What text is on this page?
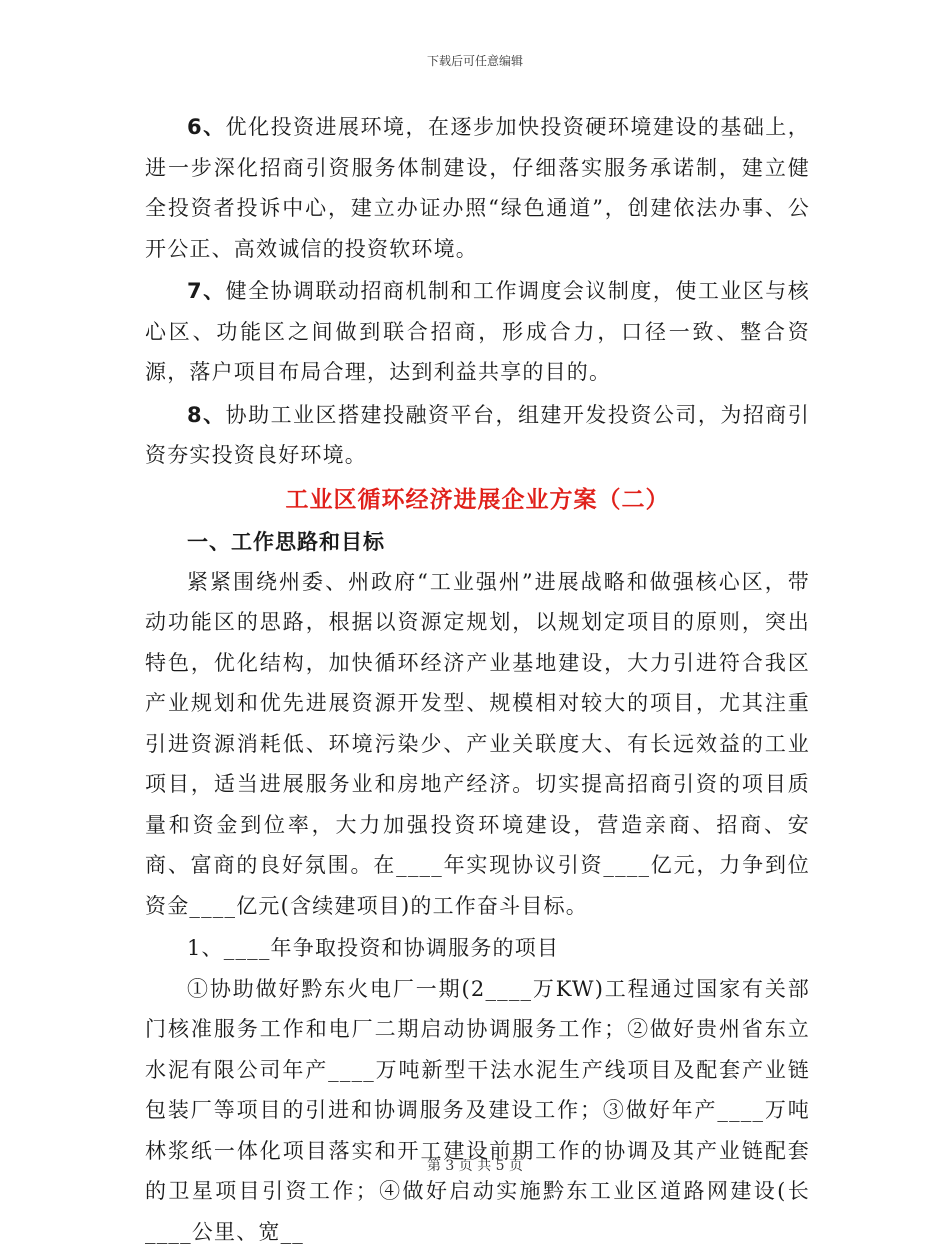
下载后可任意编辑

6、优化投资进展环境，在逐步加快投资硬环境建设的基础上，进一步深化招商引资服务体制建设，仔细落实服务承诺制，建立健全投资者投诉中心，建立办证办照“绿色通道”，创建依法办事、公开公正、高效诚信的投资软环境。

7、健全协调联动招商机制和工作调度会议制度，使工业区与核心区、功能区之间做到联合招商，形成合力，口径一致、整合资源，落户项目布局合理，达到利益共享的目的。

8、协助工业区搭建投融资平台，组建开发投资公司，为招商引资夯实投资良好环境。

工业区循环经济进展企业方案（二）
一、工作思路和目标

紧紧围绕州委、州政府“工业强州”进展战略和做强核心区，带动功能区的思路，根据以资源定规划，以规划定项目的原则，突出特色，优化结构，加快循环经济产业基地建设，大力引进符合我区产业规划和优先进展资源开发型、规模相对较大的项目，尤其注重引进资源消耗低、环境污染少、产业关联度大、有长远效益的工业项目，适当进展服务业和房地产经济。切实提高招商引资的项目质量和资金到位率，大力加强投资环境建设，营造亲商、招商、安商、富商的良好氛围。在____年实现协议引资____亿元，力争到位资金____亿元(含续建项目)的工作奋斗目标。

1、____年争取投资和协调服务的项目

①协助做好黔东火电厂一期(2____万KW)工程通过国家有关部门核准服务工作和电厂二期启动协调服务工作；②做好贵州省东立水泥有限公司年产____万吨新型干法水泥生产线项目及配套产业链包装厂等项目的引进和协调服务及建设工作；③做好年产____万吨林浆纸一体化项目落实和开工建设前期工作的协调及其产业链配套的卫星项目引资工作；④做好启动实施黔东工业区道路网建设(长____公里、宽__

第 3 页 共 5 页
